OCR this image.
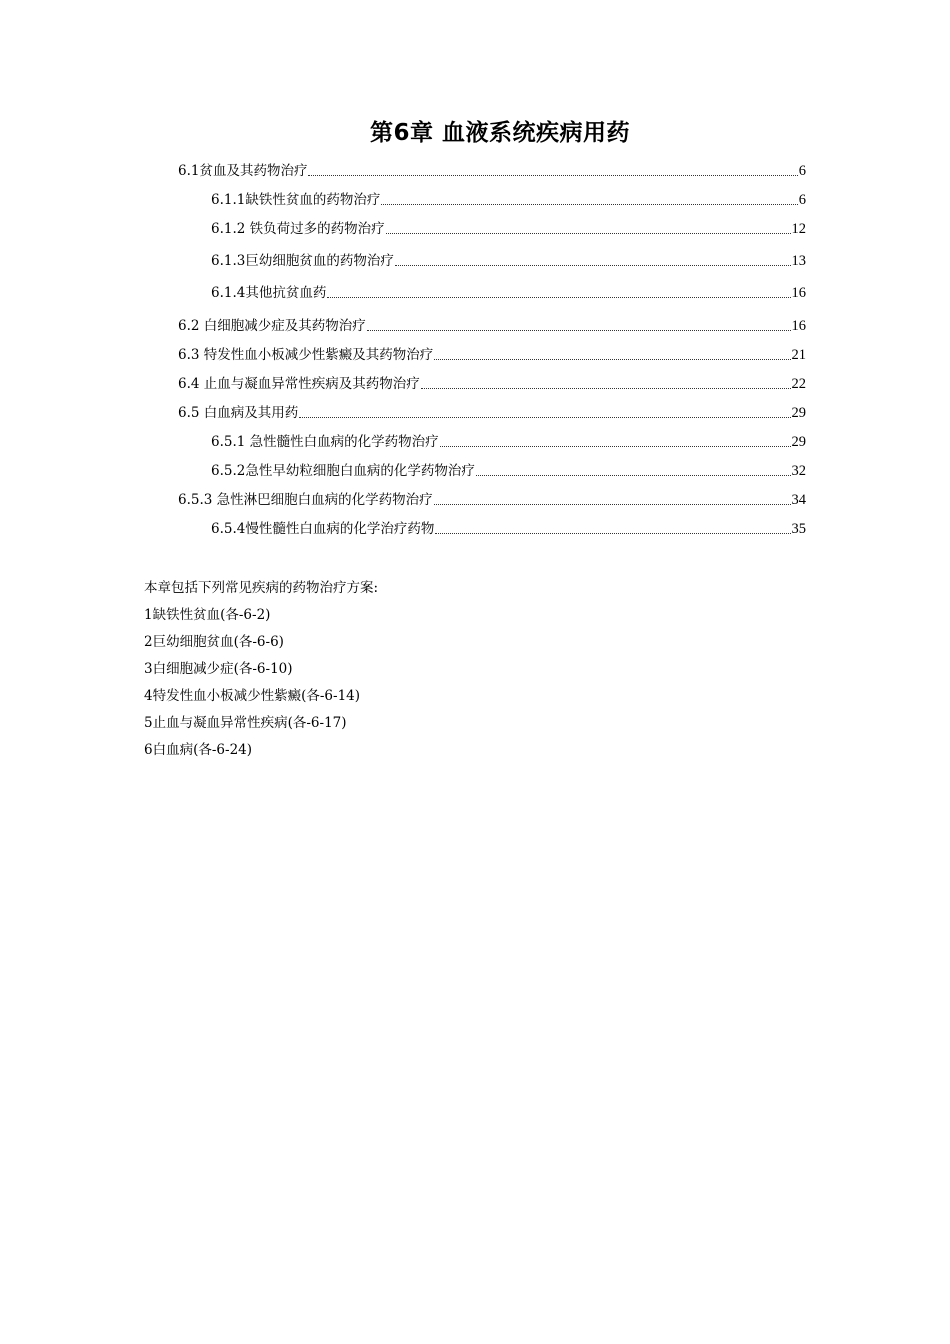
第6章 血液系统疾病用药
6.1贫血及其药物治疗	6
6.1.1缺铁性贫血的药物治疗	6
6.1.2 铁负荷过多的药物治疗	12
6.1.3巨幼细胞贫血的药物治疗	13
6.1.4其他抗贫血药	16
6.2 白细胞减少症及其药物治疗	16
6.3 特发性血小板减少性紫癜及其药物治疗	21
6.4 止血与凝血异常性疾病及其药物治疗	22
6.5 白血病及其用药	29
6.5.1 急性髓性白血病的化学药物治疗	29
6.5.2急性早幼粒细胞白血病的化学药物治疗	32
6.5.3 急性淋巴细胞白血病的化学药物治疗	34
6.5.4慢性髓性白血病的化学治疗药物	35

本章包括下列常见疾病的药物治疗方案:

1缺铁性贫血(各-6-2)

2巨幼细胞贫血(各-6-6)

3白细胞减少症(各-6-10)

4特发性血小板减少性紫癜(各-6-14)

5止血与凝血异常性疾病(各-6-17)

6白血病(各-6-24)
